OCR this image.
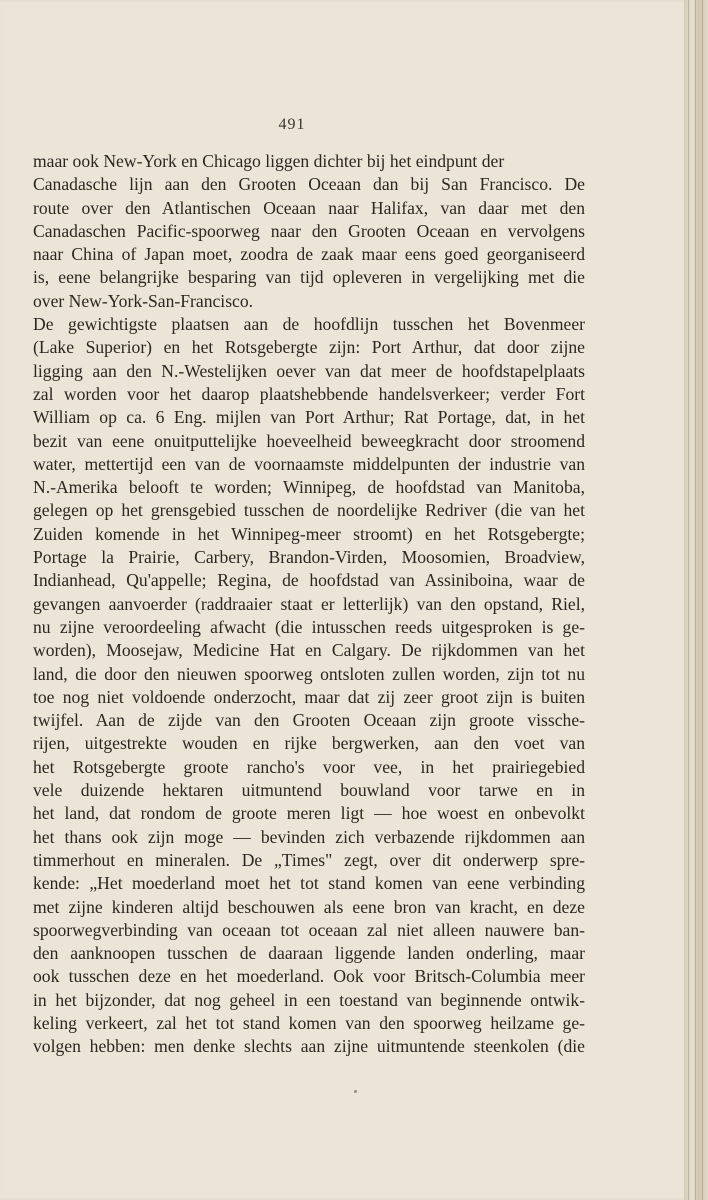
491
maar ook New-York en Chicago liggen dichter bij het eindpunt der
Canadasche lijn aan den Grooten Oceaan dan bij San Francisco. De
route over den Atlantischen Oceaan naar Halifax, van daar met den
Canadaschen Pacific-spoorweg naar den Grooten Oceaan en vervolgens
naar China of Japan moet, zoodra de zaak maar eens goed georganiseerd
is, eene belangrijke besparing van tijd opleveren in vergelijking met die
over New-York-San-Francisco.
De gewichtigste plaatsen aan de hoofdlijn tusschen het Bovenmeer
(Lake Superior) en het Rotsgebergte zijn: Port Arthur, dat door zijne
ligging aan den N.-Westelijken oever van dat meer de hoofdstapelplaats
zal worden voor het daarop plaatshebbende handelsverkeer; verder Fort
William op ca. 6 Eng. mijlen van Port Arthur; Rat Portage, dat, in het
bezit van eene onuitputtelijke hoeveelheid beweegkracht door stroomend
water, mettertijd een van de voornaamste middelpunten der industrie van
N.-Amerika belooft te worden; Winnipeg, de hoofdstad van Manitoba,
gelegen op het grensgebied tusschen de noordelijke Redriver (die van het
Zuiden komende in het Winnipeg-meer stroomt) en het Rotsgebergte;
Portage la Prairie, Carbery, Brandon-Virden, Moosomien, Broadview,
Indianhead, Qu'appelle; Regina, de hoofdstad van Assiniboina, waar de
gevangen aanvoerder (raddraaier staat er letterlijk) van den opstand, Riel,
nu zijne veroordeeling afwacht (die intusschen reeds uitgesproken is ge-
worden), Moosejaw, Medicine Hat en Calgary. De rijkdommen van het
land, die door den nieuwen spoorweg ontsloten zullen worden, zijn tot nu
toe nog niet voldoende onderzocht, maar dat zij zeer groot zijn is buiten
twijfel. Aan de zijde van den Grooten Oceaan zijn groote visschе-
rijen, uitgestrekte wouden en rijke bergwerken, aan den voet van
het Rotsgebergte groote rancho's voor vee, in het prairiegebied
vele duizende hektaren uitmuntend bouwland voor tarwe en in
het land, dat rondom de groote meren ligt — hoe woest en onbevolkt
het thans ook zijn moge — bevinden zich verbazende rijkdommen aan
timmerhout en mineralen. De „Times" zegt, over dit onderwerp spre-
kende: „Het moederland moet het tot stand komen van eene verbinding
met zijne kinderen altijd beschouwen als eene bron van kracht, en deze
spoorwegverbinding van oceaan tot oceaan zal niet alleen nauwere ban-
den aanknoopen tusschen de daaraan liggende landen onderling, maar
ook tusschen deze en het moederland. Ook voor Britsch-Columbia meer
in het bijzonder, dat nog geheel in een toestand van beginnende ontwik-
keling verkeert, zal het tot stand komen van den spoorweg heilzame ge-
volgen hebben: men denke slechts aan zijne uitmuntende steenkolen (die
